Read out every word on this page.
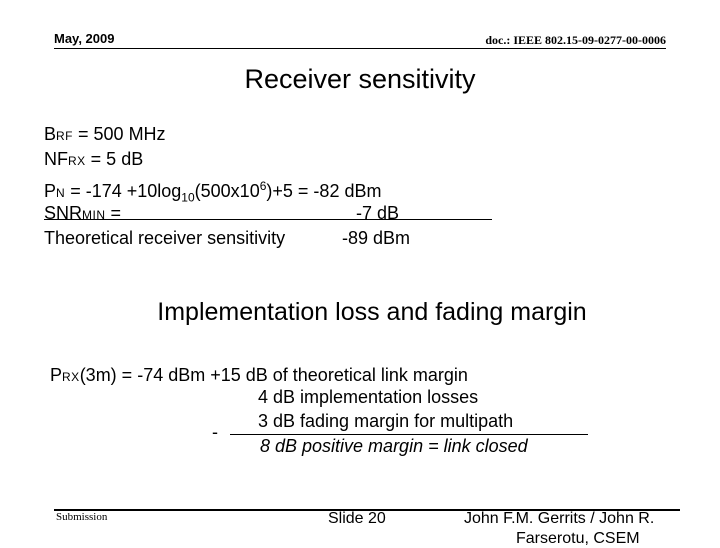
May, 2009	doc.: IEEE 802.15-09-0277-00-0006
Receiver sensitivity
BRF = 500 MHz
NFRX = 5 dB
PN = $-174 +10\log_{10}(500x10^6)+5 = -82$ dBm
SNRMIN =	-7 dB
Theoretical receiver sensitivity	-89 dBm
Implementation loss and fading margin
PRX(3m) = -74 dBm +15 dB of theoretical link margin
4 dB implementation losses
3 dB fading margin for multipath
-
8 dB positive margin = link closed
Submission	Slide 20	John F.M. Gerrits / John R.
Farserotu, CSEM
